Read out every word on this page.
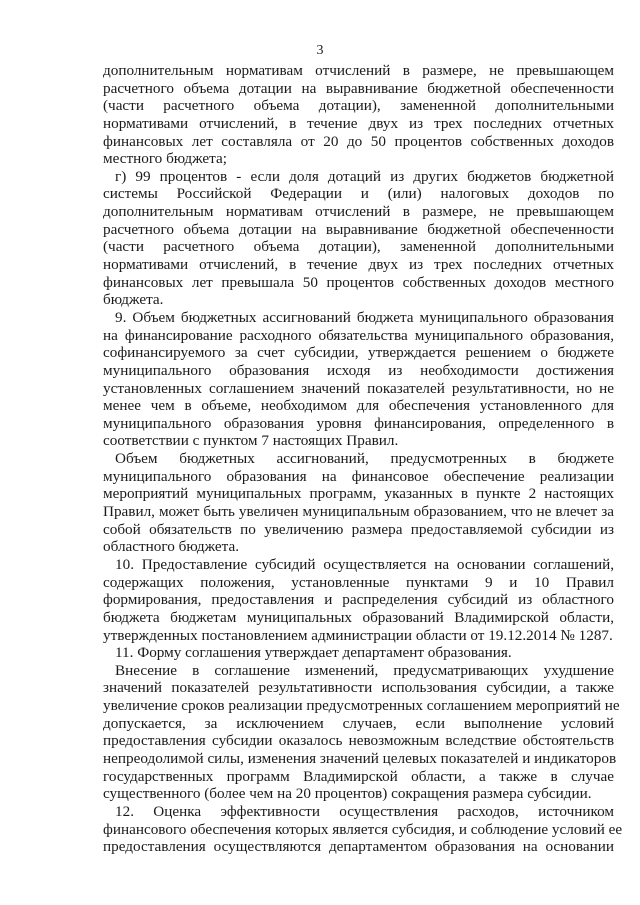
3
дополнительным нормативам отчислений в размере, не превышающем
расчетного объема дотации на выравнивание бюджетной обеспеченности
(части расчетного объема дотации), замененной дополнительными
нормативами отчислений, в течение двух из трех последних отчетных
финансовых лет составляла от 20 до 50 процентов собственных доходов
местного бюджета;
г) 99 процентов - если доля дотаций из других бюджетов бюджетной
системы Российской Федерации и (или) налоговых доходов по
дополнительным нормативам отчислений в размере, не превышающем
расчетного объема дотации на выравнивание бюджетной обеспеченности
(части расчетного объема дотации), замененной дополнительными
нормативами отчислений, в течение двух из трех последних отчетных
финансовых лет превышала 50 процентов собственных доходов местного
бюджета.
9. Объем бюджетных ассигнований бюджета муниципального образования
на финансирование расходного обязательства муниципального образования,
софинансируемого за счет субсидии, утверждается решением о бюджете
муниципального образования исходя из необходимости достижения
установленных соглашением значений показателей результативности, но не
менее чем в объеме, необходимом для обеспечения установленного для
муниципального образования уровня финансирования, определенного в
соответствии с пунктом 7 настоящих Правил.
Объем бюджетных ассигнований, предусмотренных в бюджете
муниципального образования на финансовое обеспечение реализации
мероприятий муниципальных программ, указанных в пункте 2 настоящих
Правил, может быть увеличен муниципальным образованием, что не влечет за
собой обязательств по увеличению размера предоставляемой субсидии из
областного бюджета.
10. Предоставление субсидий осуществляется на основании соглашений,
содержащих положения, установленные пунктами 9 и 10 Правил
формирования, предоставления и распределения субсидий из областного
бюджета бюджетам муниципальных образований Владимирской области,
утвержденных постановлением администрации области от 19.12.2014 № 1287.
11. Форму соглашения утверждает департамент образования.
Внесение в соглашение изменений, предусматривающих ухудшение
значений показателей результативности использования субсидии, а также
увеличение сроков реализации предусмотренных соглашением мероприятий не
допускается, за исключением случаев, если выполнение условий
предоставления субсидии оказалось невозможным вследствие обстоятельств
непреодолимой силы, изменения значений целевых показателей и индикаторов
государственных программ Владимирской области, а также в случае
существенного (более чем на 20 процентов) сокращения размера субсидии.
12. Оценка эффективности осуществления расходов, источником
финансового обеспечения которых является субсидия, и соблюдение условий ее
предоставления осуществляются департаментом образования на основании
